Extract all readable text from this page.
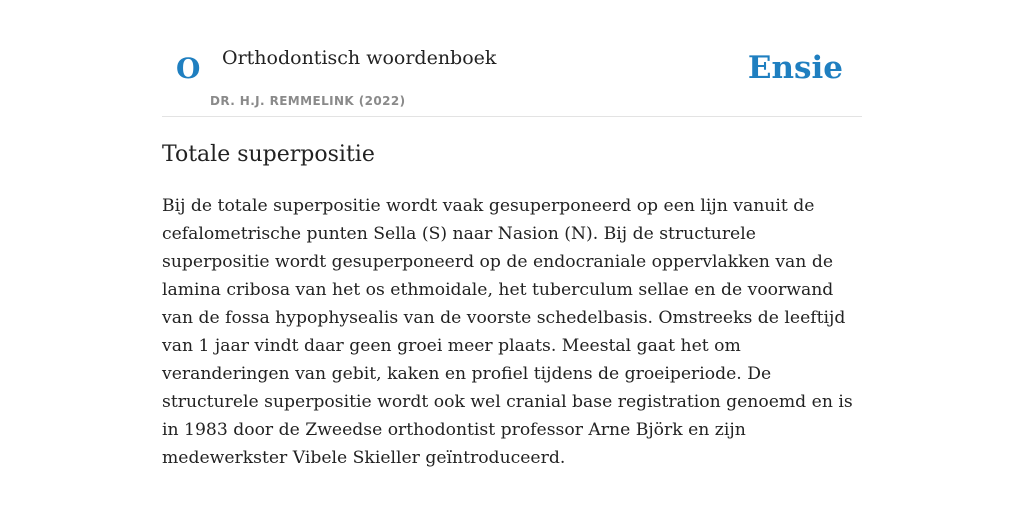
O Orthodontisch woordenboek
DR. H.J. REMMELINK (2022)
Ensie
Totale superpositie

Bij de totale superpositie wordt vaak gesuperponeerd op een lijn vanuit de cefalometrische punten Sella (S) naar Nasion (N). Bij de structurele superpositie wordt gesuperponeerd op de endocraniale oppervlakken van de lamina cribosa van het os ethmoidale, het tuberculum sellae en de voorwand van de fossa hypophysealis van de voorste schedelbasis. Omstreeks de leeftijd van 1 jaar vindt daar geen groei meer plaats. Meestal gaat het om veranderingen van gebit, kaken en profiel tijdens de groeiperiode. De structurele superpositie wordt ook wel cranial base registration genoemd en is in 1983 door de Zweedse orthodontist professor Arne Björk en zijn medewerkster Vibele Skieller geïntroduceerd.
